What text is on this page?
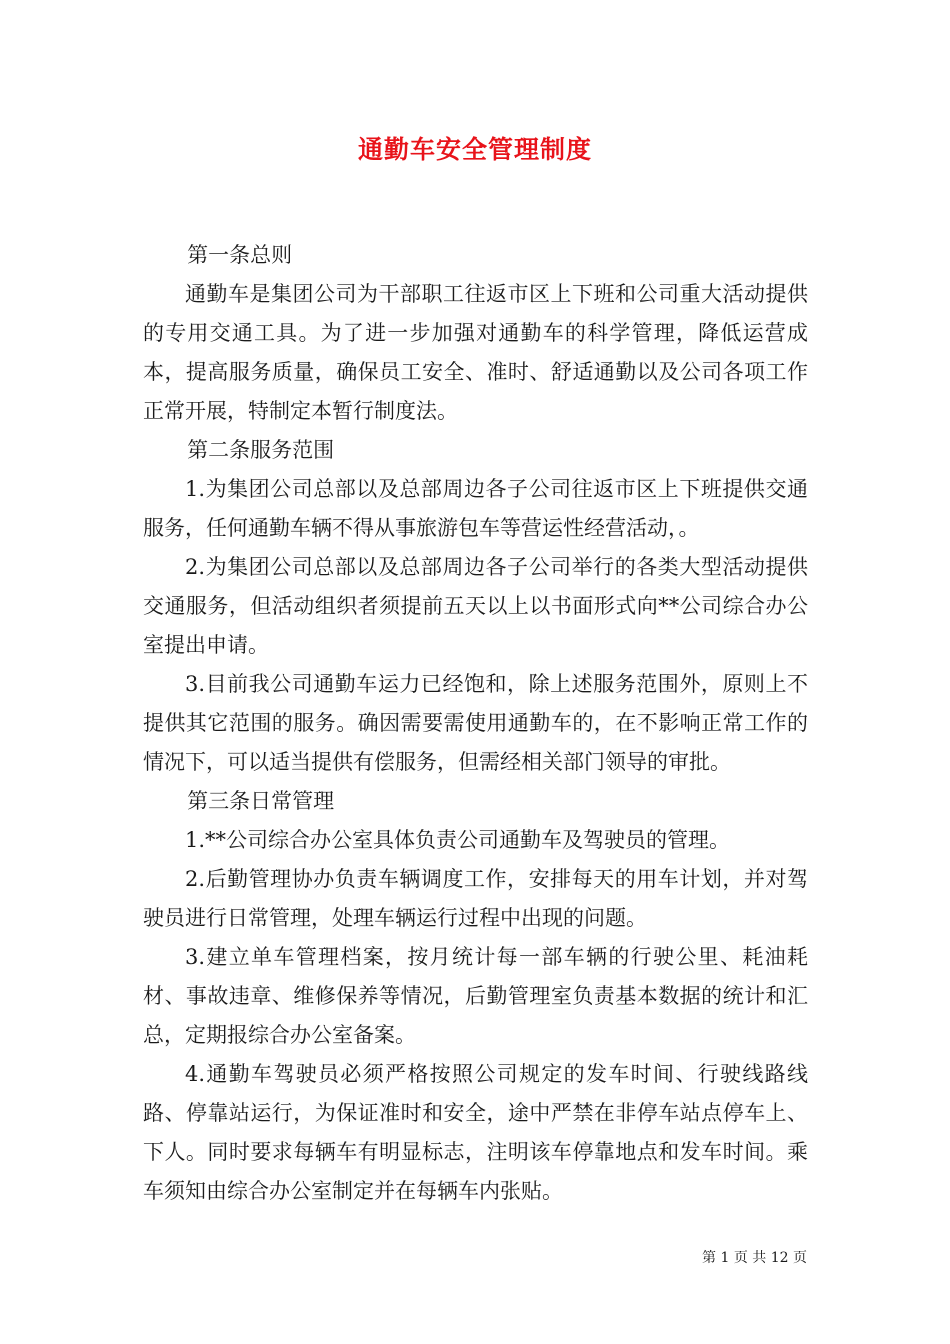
通勤车安全管理制度

第一条总则

通勤车是集团公司为干部职工往返市区上下班和公司重大活动提供的专用交通工具。为了进一步加强对通勤车的科学管理，降低运营成本，提高服务质量，确保员工安全、准时、舒适通勤以及公司各项工作正常开展，特制定本暂行制度法。

第二条服务范围

1.为集团公司总部以及总部周边各子公司往返市区上下班提供交通服务，任何通勤车辆不得从事旅游包车等营运性经营活动，。

2.为集团公司总部以及总部周边各子公司举行的各类大型活动提供交通服务，但活动组织者须提前五天以上以书面形式向**公司综合办公室提出申请。

3.目前我公司通勤车运力已经饱和，除上述服务范围外，原则上不提供其它范围的服务。确因需要需使用通勤车的，在不影响正常工作的情况下，可以适当提供有偿服务，但需经相关部门领导的审批。

第三条日常管理

1.**公司综合办公室具体负责公司通勤车及驾驶员的管理。

2.后勤管理协办负责车辆调度工作，安排每天的用车计划，并对驾驶员进行日常管理，处理车辆运行过程中出现的问题。

3.建立单车管理档案，按月统计每一部车辆的行驶公里、耗油耗材、事故违章、维修保养等情况，后勤管理室负责基本数据的统计和汇总，定期报综合办公室备案。

4.通勤车驾驶员必须严格按照公司规定的发车时间、行驶线路线路、停靠站运行，为保证准时和安全，途中严禁在非停车站点停车上、下人。同时要求每辆车有明显标志，注明该车停靠地点和发车时间。乘车须知由综合办公室制定并在每辆车内张贴。

第 1 页 共 12 页
